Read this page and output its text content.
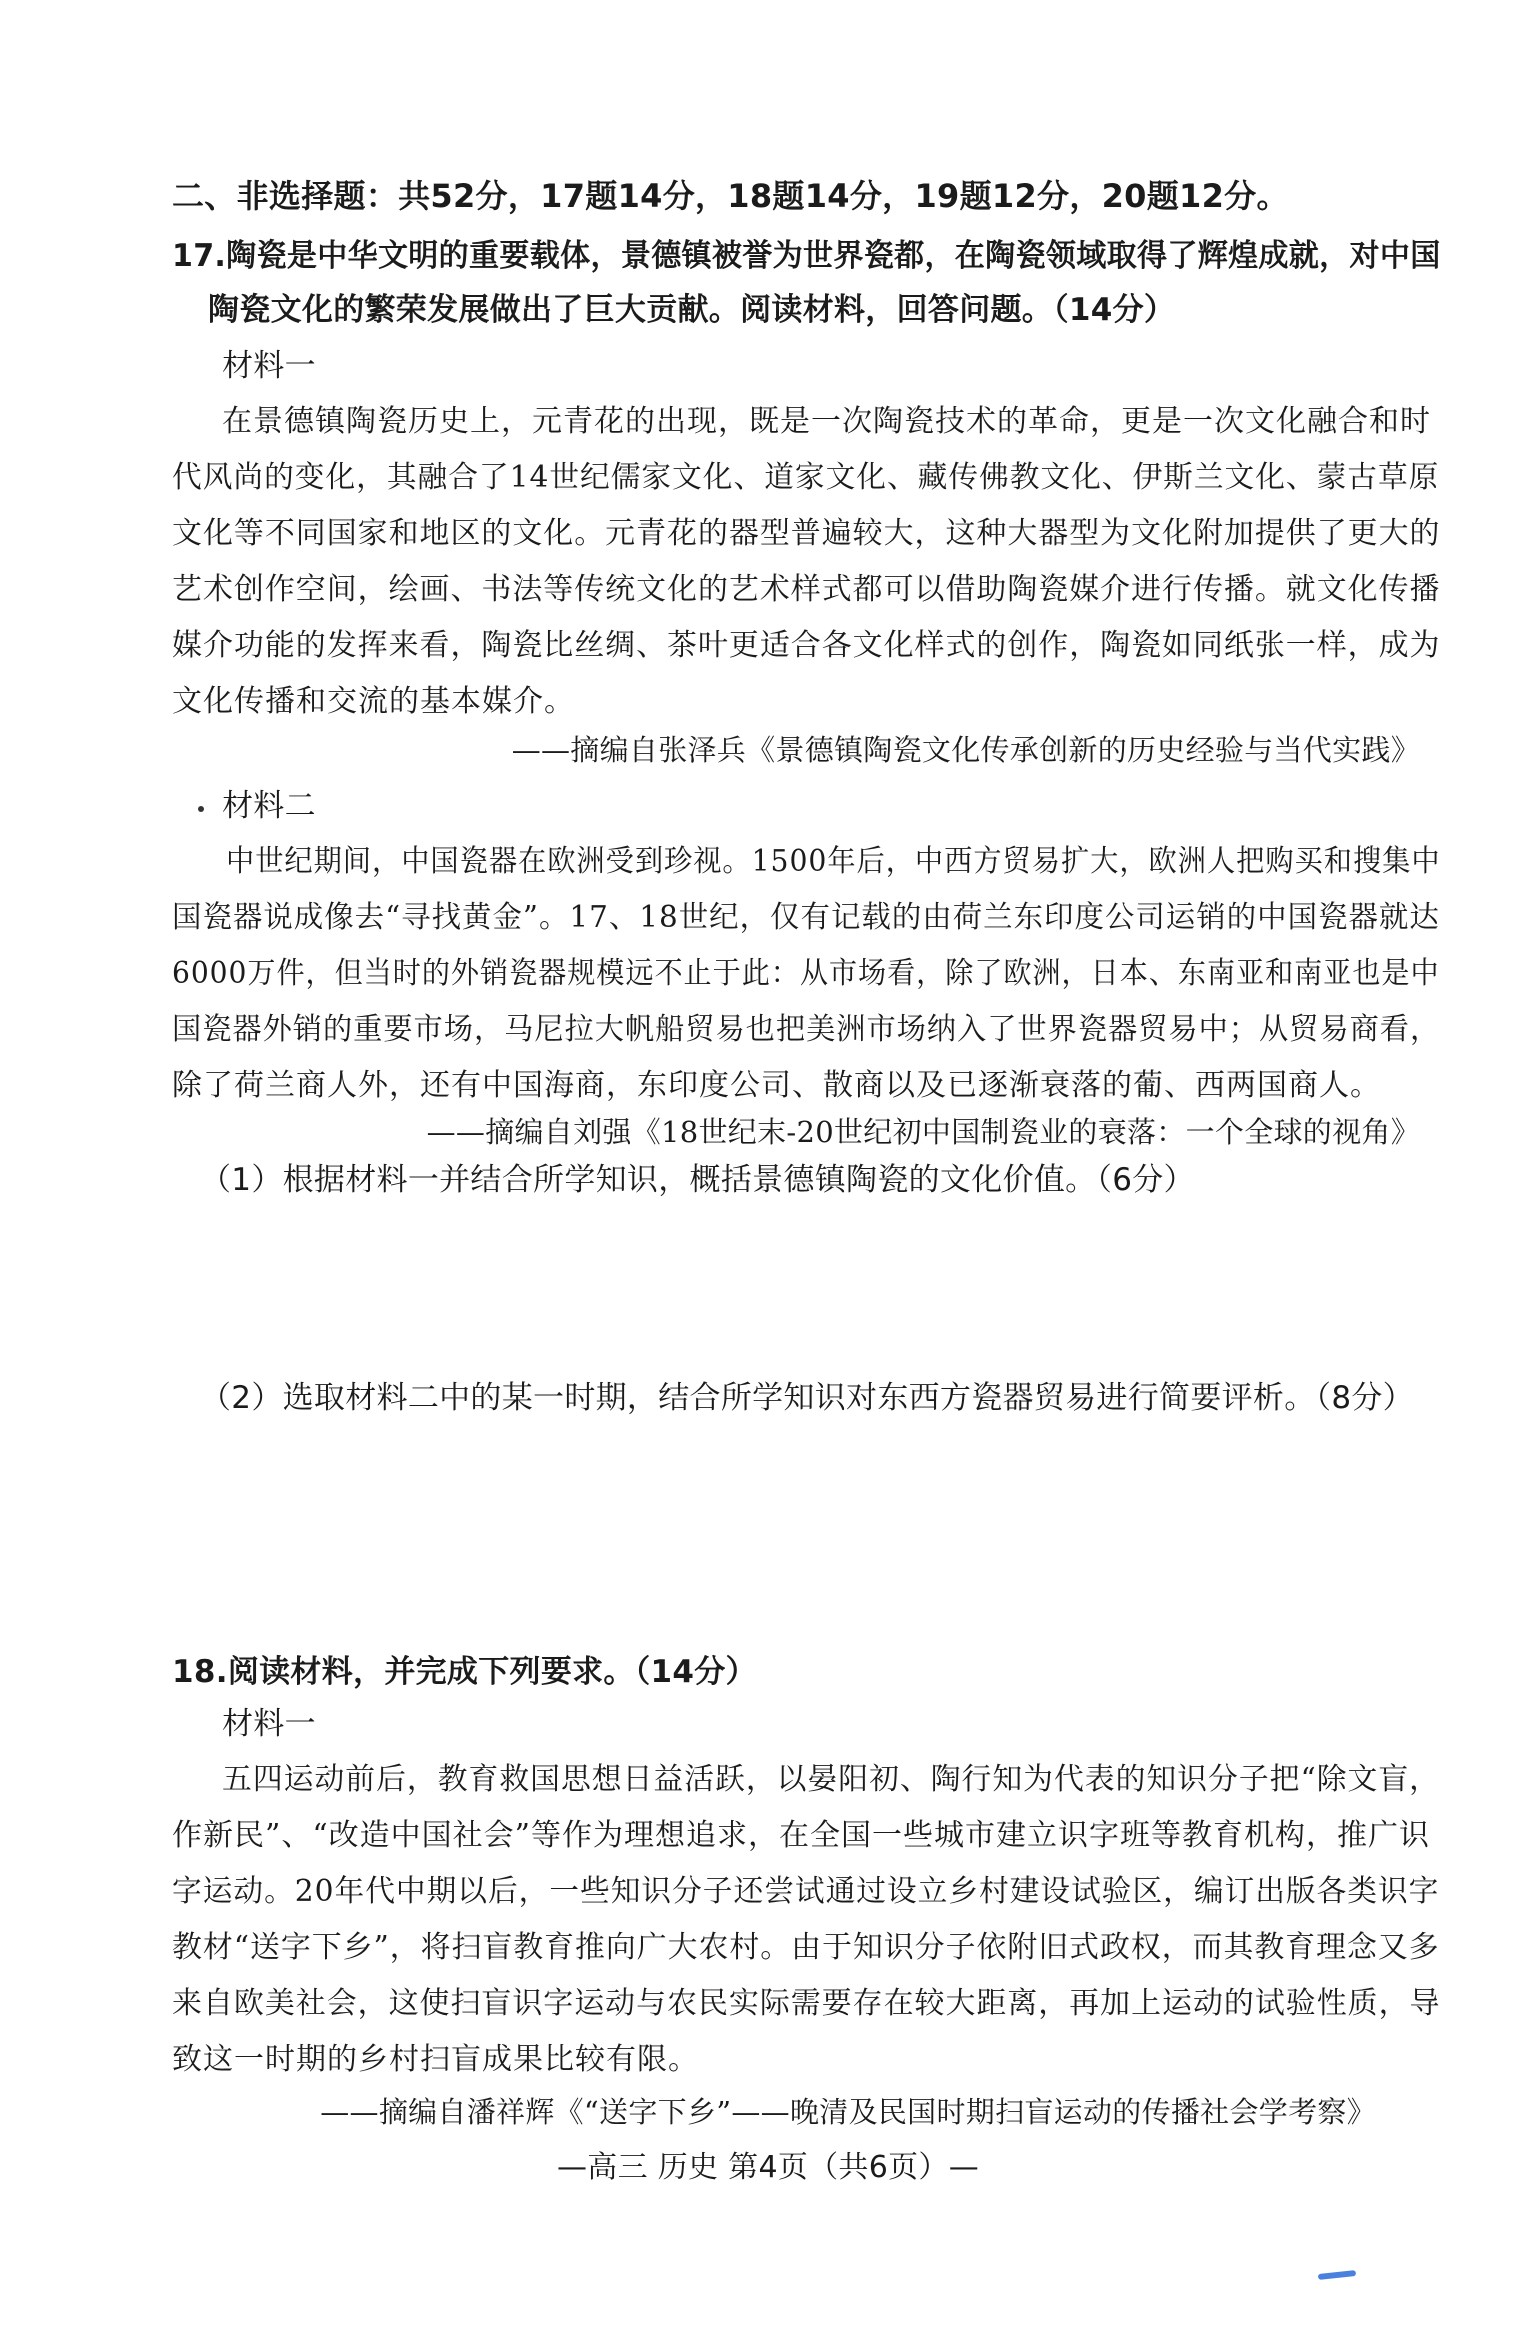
二、非选择题：共52分，17题14分，18题14分，19题12分，20题12分。
17.陶瓷是中华文明的重要载体，景德镇被誉为世界瓷都，在陶瓷领域取得了辉煌成就，对中国
陶瓷文化的繁荣发展做出了巨大贡献。阅读材料，回答问题。（14分）
材料一
在景德镇陶瓷历史上，元青花的出现，既是一次陶瓷技术的革命，更是一次文化融合和时
代风尚的变化，其融合了14世纪儒家文化、道家文化、藏传佛教文化、伊斯兰文化、蒙古草原
文化等不同国家和地区的文化。元青花的器型普遍较大，这种大器型为文化附加提供了更大的
艺术创作空间，绘画、书法等传统文化的艺术样式都可以借助陶瓷媒介进行传播。就文化传播
媒介功能的发挥来看，陶瓷比丝绸、茶叶更适合各文化样式的创作，陶瓷如同纸张一样，成为
文化传播和交流的基本媒介。
——摘编自张泽兵《景德镇陶瓷文化传承创新的历史经验与当代实践》
材料二
中世纪期间，中国瓷器在欧洲受到珍视。1500年后，中西方贸易扩大，欧洲人把购买和搜集中
国瓷器说成像去“寻找黄金”。17、18世纪，仅有记载的由荷兰东印度公司运销的中国瓷器就达
6000万件，但当时的外销瓷器规模远不止于此：从市场看，除了欧洲，日本、东南亚和南亚也是中
国瓷器外销的重要市场，马尼拉大帆船贸易也把美洲市场纳入了世界瓷器贸易中；从贸易商看，
除了荷兰商人外，还有中国海商，东印度公司、散商以及已逐渐衰落的葡、西两国商人。
——摘编自刘强《18世纪末-20世纪初中国制瓷业的衰落：一个全球的视角》
（1）根据材料一并结合所学知识，概括景德镇陶瓷的文化价值。（6分）
（2）选取材料二中的某一时期，结合所学知识对东西方瓷器贸易进行简要评析。（8分）
18.阅读材料，并完成下列要求。（14分）
材料一
五四运动前后，教育救国思想日益活跃，以晏阳初、陶行知为代表的知识分子把“除文盲，
作新民”、“改造中国社会”等作为理想追求，在全国一些城市建立识字班等教育机构，推广识
字运动。20年代中期以后，一些知识分子还尝试通过设立乡村建设试验区，编订出版各类识字
教材“送字下乡”，将扫盲教育推向广大农村。由于知识分子依附旧式政权，而其教育理念又多
来自欧美社会，这使扫盲识字运动与农民实际需要存在较大距离，再加上运动的试验性质，导
致这一时期的乡村扫盲成果比较有限。
——摘编自潘祥辉《“送字下乡”——晚清及民国时期扫盲运动的传播社会学考察》
—高三 历史 第4页（共6页）—
